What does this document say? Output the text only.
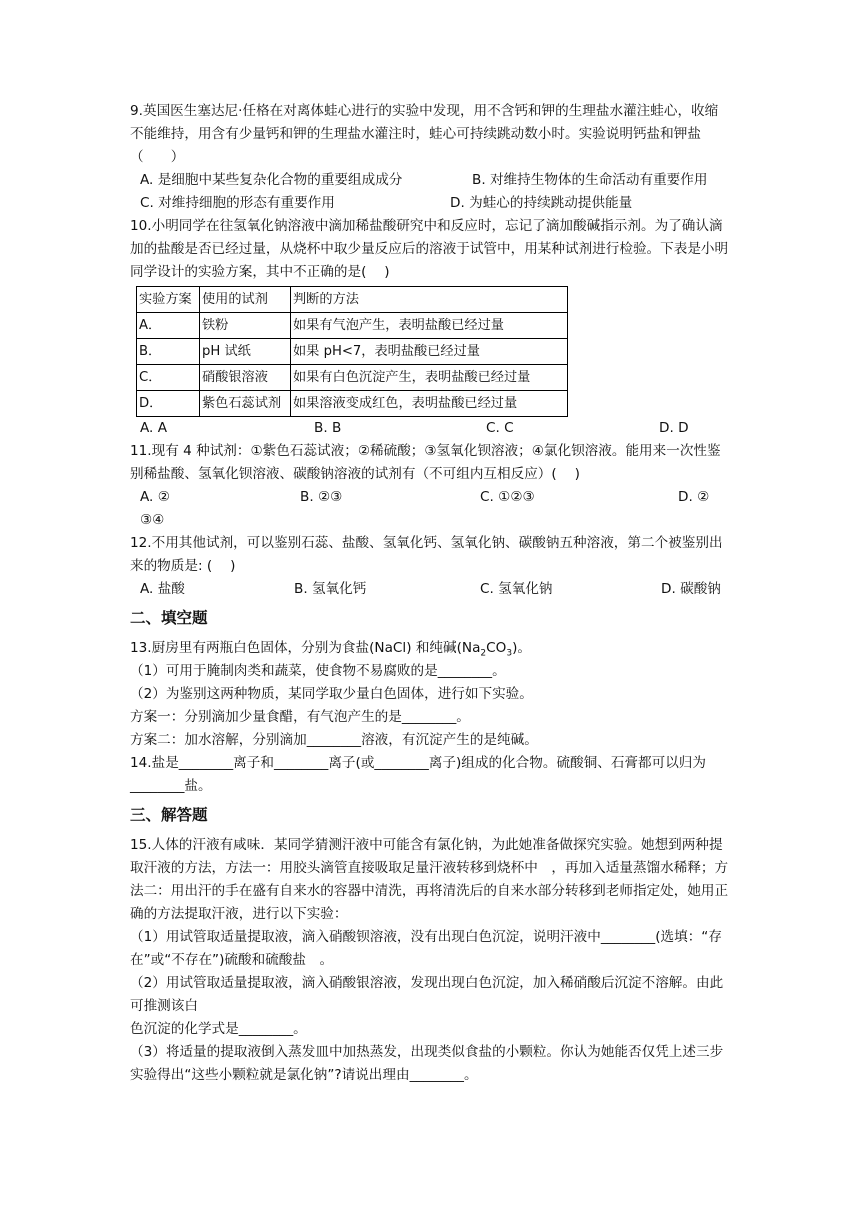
9.英国医生塞达尼·任格在对离体蛙心进行的实验中发现，用不含钙和钾的生理盐水灌注蛙心，收缩不能维持，用含有少量钙和钾的生理盐水灌注时，蛙心可持续跳动数小时。实验说明钙盐和钾盐（　　）

A. 是细胞中某些复杂化合物的重要组成成分	B. 对维持生物体的生命活动有重要作用
C. 对维持细胞的形态有重要作用	D. 为蛙心的持续跳动提供能量

10.小明同学在往氢氧化钠溶液中滴加稀盐酸研究中和反应时，忘记了滴加酸碱指示剂。为了确认滴加的盐酸是否已经过量，从烧杯中取少量反应后的溶液于试管中，用某种试剂进行检验。下表是小明同学设计的实验方案，其中不正确的是(　 )

实验方案	使用的试剂	判断的方法
A．	铁粉	如果有气泡产生，表明盐酸已经过量
B．	pH 试纸	如果 pH<7，表明盐酸已经过量
C．	硝酸银溶液	如果有白色沉淀产生，表明盐酸已经过量
D．	紫色石蕊试剂	如果溶液变成红色，表明盐酸已经过量
A. A	B. B	C. C	D. D

11.现有 4 种试剂：①紫色石蕊试液；②稀硫酸；③氢氧化钡溶液；④氯化钡溶液。能用来一次性鉴别稀盐酸、氢氧化钡溶液、碳酸钠溶液的试剂有（不可组内互相反应）(　 )

A. ②	B. ②③	C. ①②③	D. ②
③④

12.不用其他试剂，可以鉴别石蕊、盐酸、氢氧化钙、氢氧化钠、碳酸钠五种溶液，第二个被鉴别出来的物质是: (　 )

A. 盐酸	B. 氢氧化钙	C. 氢氧化钠	D. 碳酸钠
二、填空题

13.厨房里有两瓶白色固体，分别为食盐(NaCl) 和纯碱$(Na_2CO_3)$。

（1）可用于腌制肉类和蔬菜，使食物不易腐败的是________。

（2）为鉴别这两种物质，某同学取少量白色固体，进行如下实验。

方案一：分别滴加少量食醋，有气泡产生的是________。

方案二：加水溶解，分别滴加________溶液，有沉淀产生的是纯碱。

14.盐是________离子和________离子(或________离子)组成的化合物。硫酸铜、石膏都可以归为________盐。

三、解答题

15.人体的汗液有咸味．某同学猜测汗液中可能含有氯化钠，为此她准备做探究实验。她想到两种提取汗液的方法，方法一：用胶头滴管直接吸取足量汗液转移到烧杯中　，再加入适量蒸馏水稀释；方法二：用出汗的手在盛有自来水的容器中清洗，再将清洗后的自来水部分转移到老师指定处，她用正确的方法提取汗液，进行以下实验：

（1）用试管取适量提取液，滴入硝酸钡溶液，没有出现白色沉淀，说明汗液中________(选填：“存在”或“不存在”)硫酸和硫酸盐　。

（2）用试管取适量提取液，滴入硝酸银溶液，发现出现白色沉淀，加入稀硝酸后沉淀不溶解。由此可推测该白

色沉淀的化学式是________。

（3）将适量的提取液倒入蒸发皿中加热蒸发，出现类似食盐的小颗粒。你认为她能否仅凭上述三步实验得出“这些小颗粒就是氯化钠”?请说出理由________。
